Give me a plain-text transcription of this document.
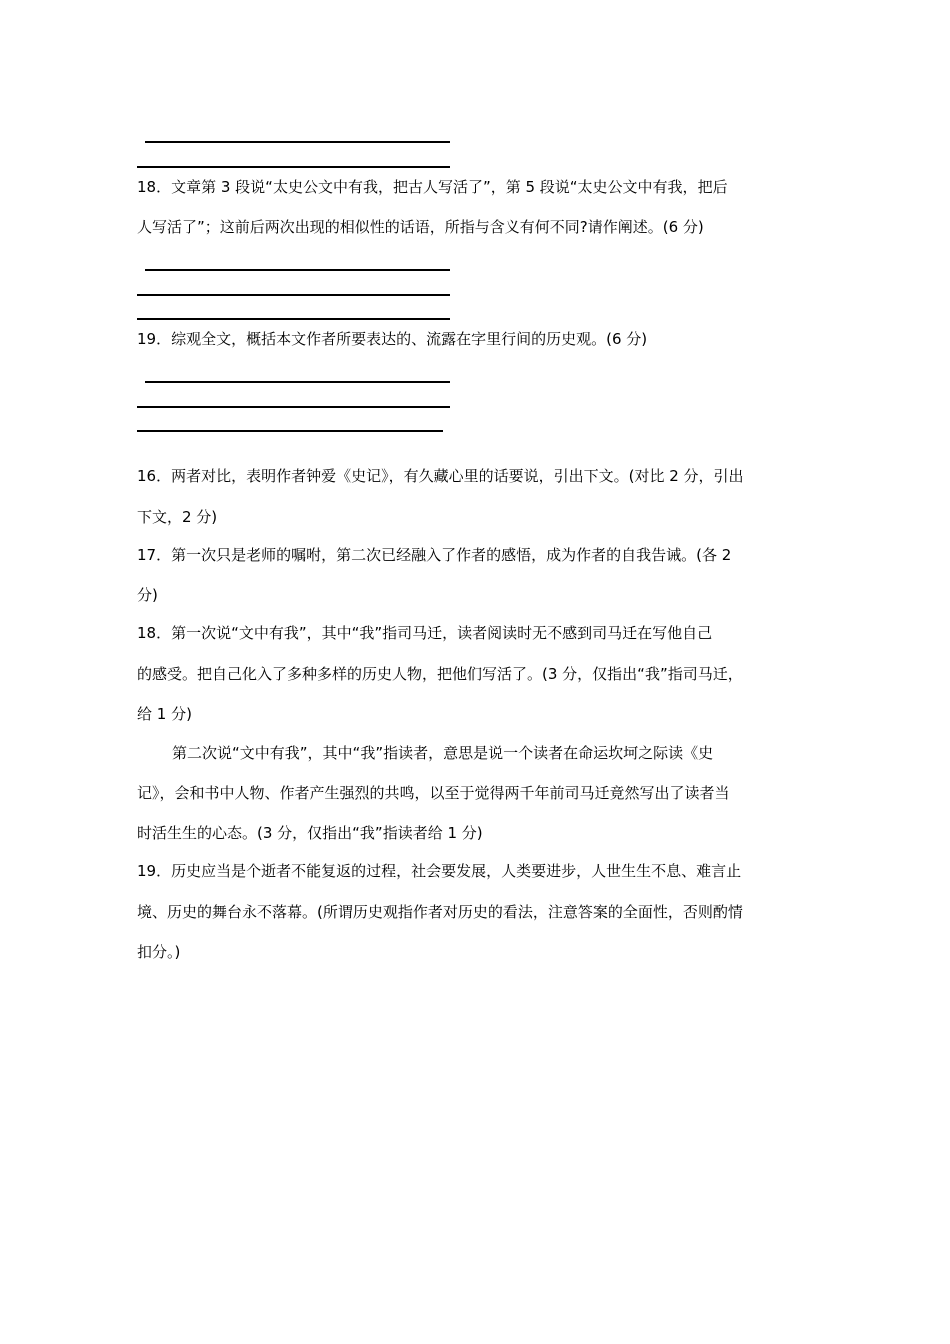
18．文章第 3 段说“太史公文中有我，把古人写活了”，第 5 段说“太史公文中有我，把后
人写活了”；这前后两次出现的相似性的话语，所指与含义有何不同?请作阐述。(6 分)
19．综观全文，概括本文作者所要表达的、流露在字里行间的历史观。(6 分)
16．两者对比，表明作者钟爱《史记》，有久藏心里的话要说，引出下文。(对比 2 分，引出
下文，2 分)
17．第一次只是老师的嘱咐，第二次已经融入了作者的感悟，成为作者的自我告诫。(各 2
分)
18．第一次说“文中有我”，其中“我”指司马迁，读者阅读时无不感到司马迁在写他自己
的感受。把自己化入了多种多样的历史人物，把他们写活了。(3 分，仅指出“我”指司马迁，
给 1 分)
第二次说“文中有我”，其中“我”指读者，意思是说一个读者在命运坎坷之际读《史
记》，会和书中人物、作者产生强烈的共鸣，以至于觉得两千年前司马迁竟然写出了读者当
时活生生的心态。(3 分，仅指出“我”指读者给 1 分)
19．历史应当是个逝者不能复返的过程，社会要发展，人类要进步，人世生生不息、难言止
境、历史的舞台永不落幕。(所谓历史观指作者对历史的看法，注意答案的全面性，否则酌情
扣分。)
